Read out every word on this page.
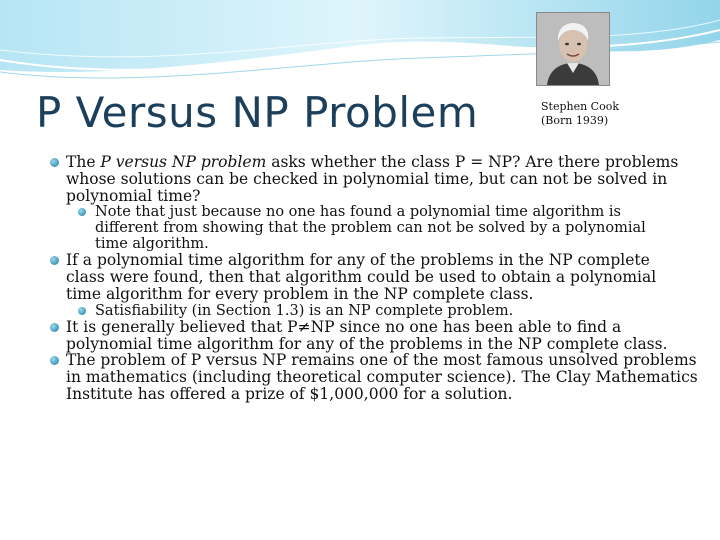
P Versus NP Problem	Stephen Cook
(Born 1939)
The P versus NP problem asks whether the class P = NP? Are there problems
whose solutions can be checked in polynomial time, but can not be solved in
polynomial time?
Note that just because no one has found a polynomial time algorithm is
different from showing that the problem can not be solved by a polynomial
time algorithm.
If a polynomial time algorithm for any of the problems in the NP complete
class were found, then that algorithm could be used to obtain a polynomial
time algorithm for every problem in the NP complete class.
Satisfiability (in Section 1.3) is an NP complete problem.
It is generally believed that P≠NP since no one has been able to find a
polynomial time algorithm for any of the problems in the NP complete class.
The problem of P versus NP remains one of the most famous unsolved problems
in mathematics (including theoretical computer science). The Clay Mathematics
Institute has offered a prize of $1,000,000 for a solution.
